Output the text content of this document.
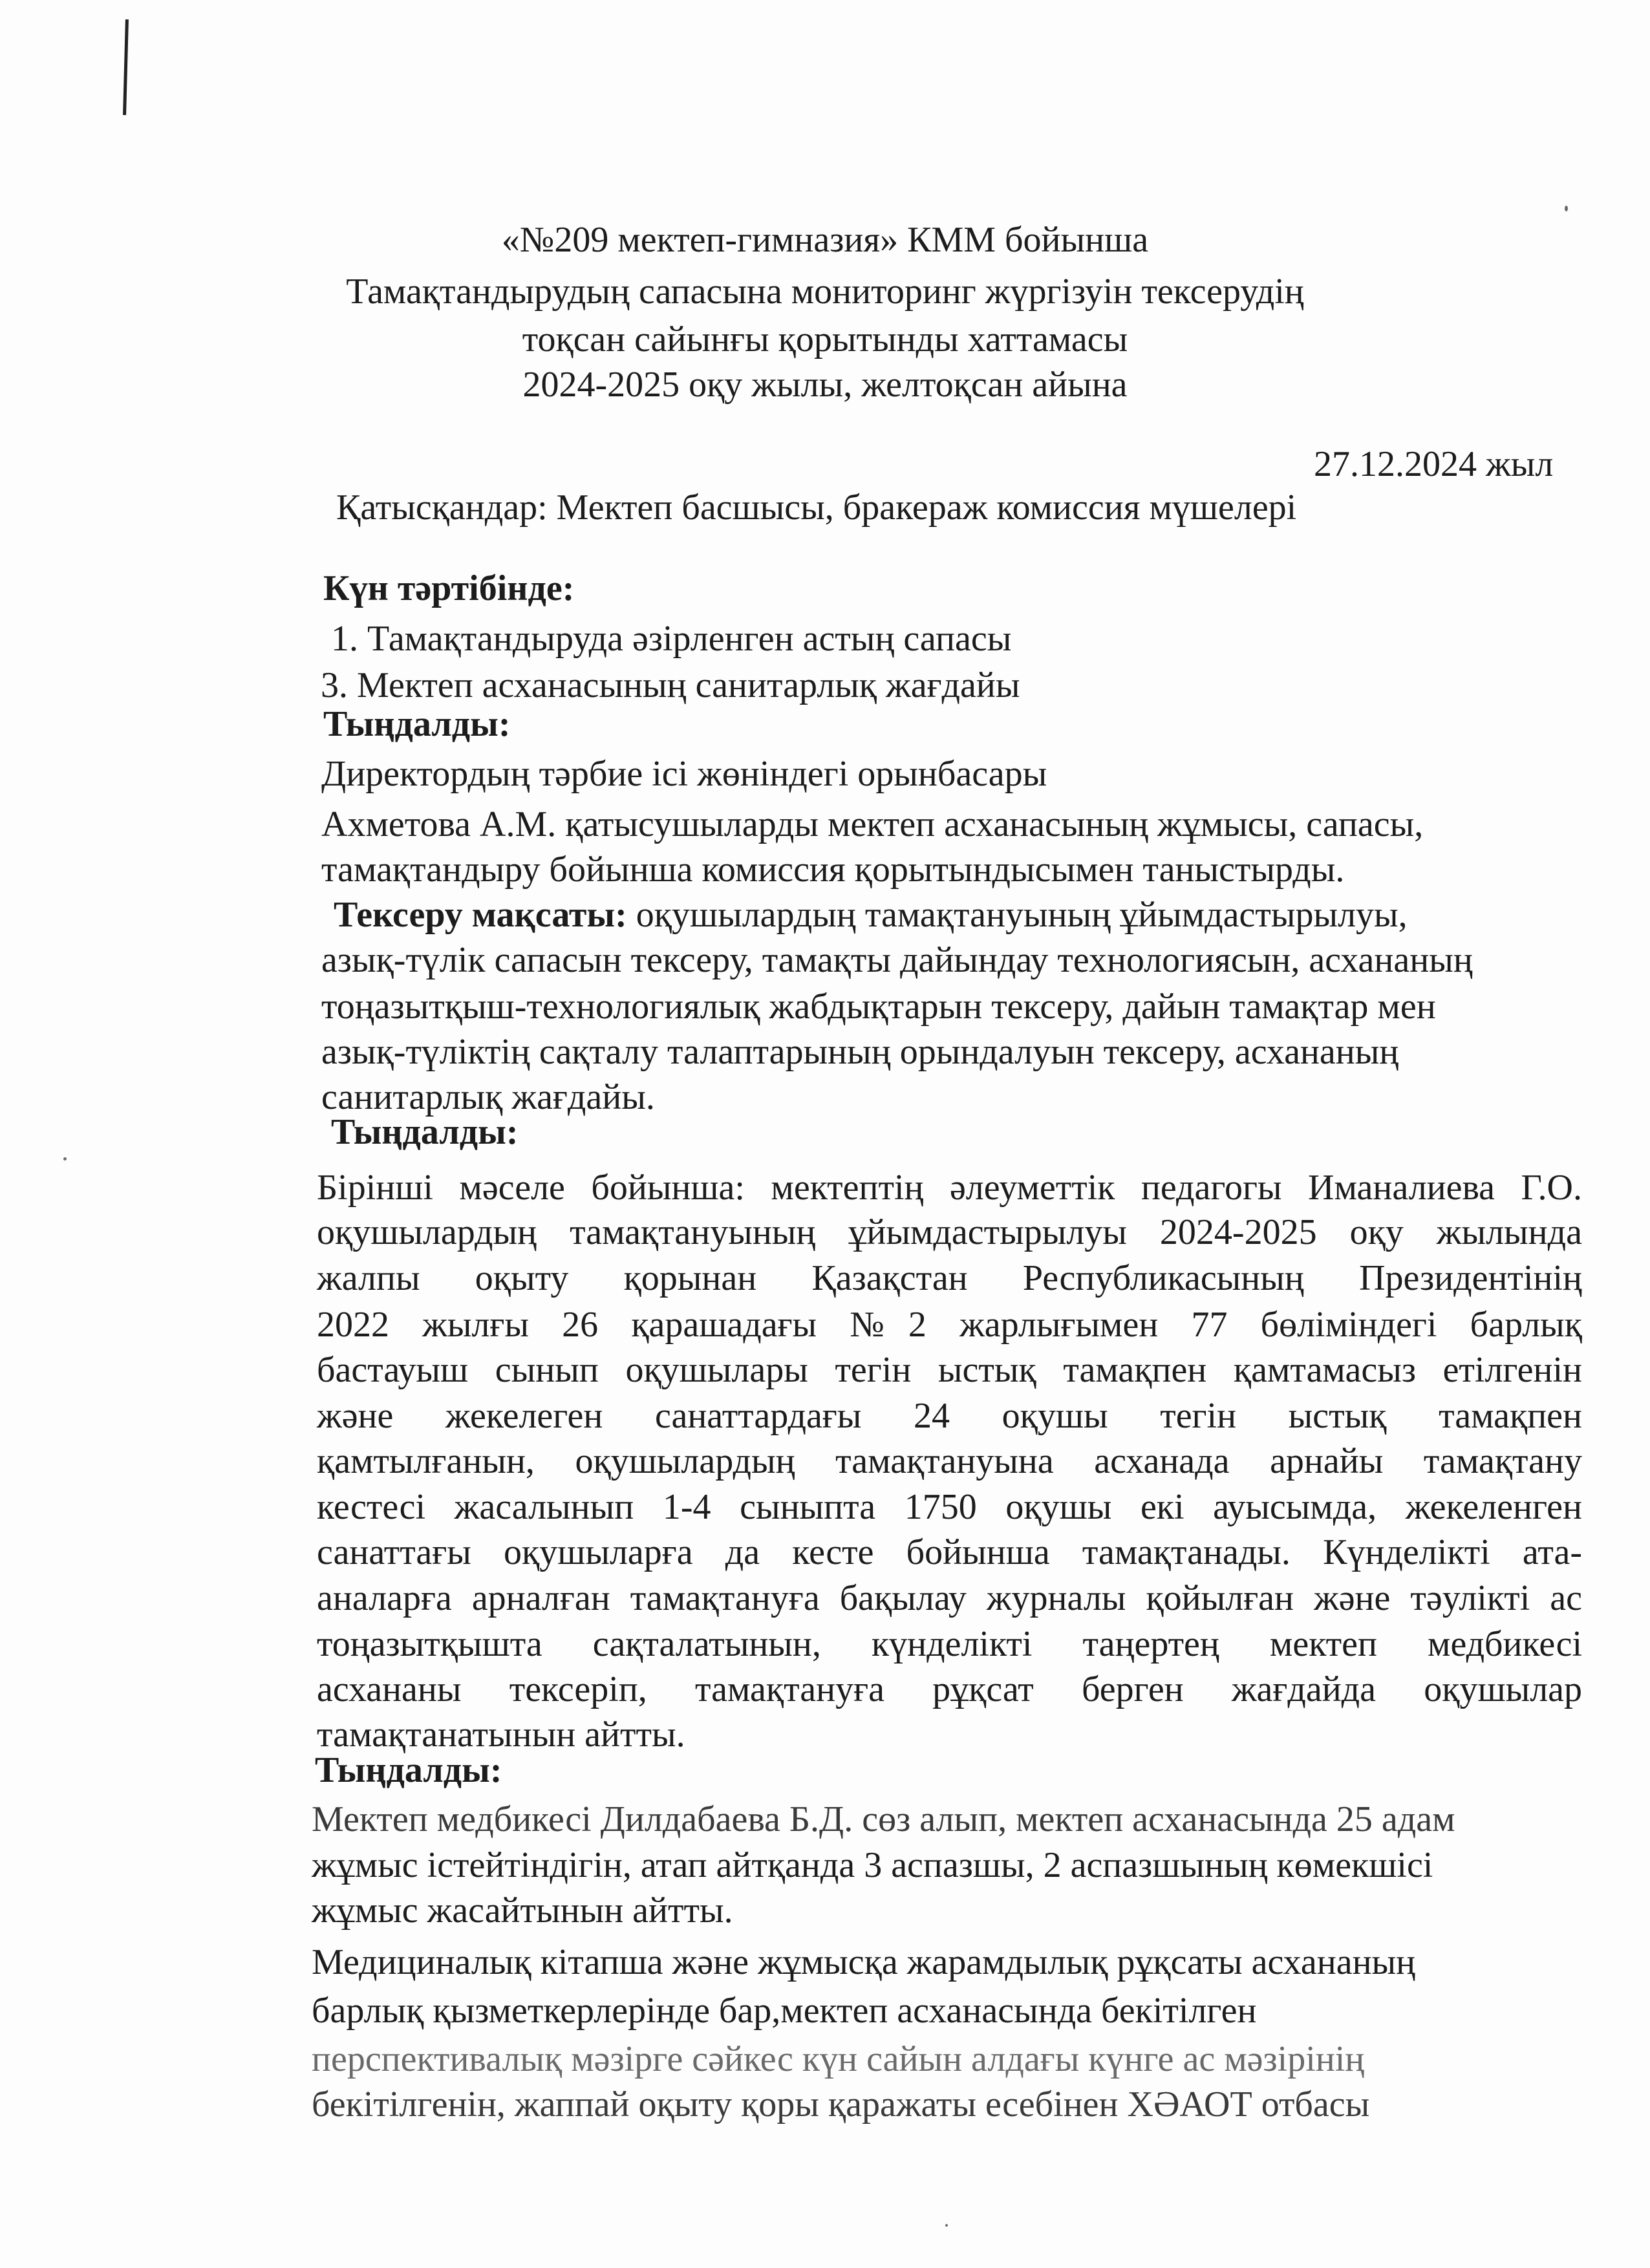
«№209 мектеп-гимназия» КММ бойынша
Тамақтандырудың сапасына мониторинг жүргізуін тексерудің
тоқсан сайынғы қорытынды хаттамасы
2024-2025 оқу жылы, желтоқсан айына
27.12.2024 жыл
Қатысқандар: Мектеп басшысы, бракераж комиссия мүшелері
Күн тәртібінде:
1. Тамақтандыруда әзірленген астың сапасы
3. Мектеп асханасының санитарлық жағдайы
Тыңдалды:
Директордың тәрбие ісі жөніндегі орынбасары
Ахметова А.М. қатысушыларды мектеп асханасының жұмысы, сапасы,
тамақтандыру бойынша комиссия қорытындысымен таныстырды.
Тексеру мақсаты: оқушылардың тамақтануының ұйымдастырылуы,
азық-түлік сапасын тексеру, тамақты дайындау технологиясын, асхананың
тоңазытқыш-технологиялық жабдықтарын тексеру, дайын тамақтар мен
азық-түліктің сақталу талаптарының орындалуын тексеру, асхананың
санитарлық жағдайы.
Тыңдалды:
Бірінші мәселе бойынша: мектептің әлеуметтік педагогы Иманалиева Г.О.
оқушылардың тамақтануының ұйымдастырылуы 2024-2025 оқу жылында
жалпы оқыту қорынан Қазақстан Республикасының Президентінің
2022 жылғы 26 қарашадағы №2 жарлығымен 77 бөліміндегі барлық
бастауыш сынып оқушылары тегін ыстық тамақпен қамтамасыз етілгенін
және жекелеген санаттардағы 24 оқушы тегін ыстық тамақпен
қамтылғанын, оқушылардың тамақтануына асханада арнайы тамақтану
кестесі жасалынып 1-4 сыныпта 1750 оқушы екі ауысымда, жекеленген
санаттағы оқушыларға да кесте бойынша тамақтанады. Күнделікті ата-
аналарға арналған тамақтануға бақылау журналы қойылған және тәулікті ас
тоңазытқышта сақталатынын, күнделікті таңертең мектеп медбикесі
асхананы тексеріп, тамақтануға рұқсат берген жағдайда оқушылар
тамақтанатынын айтты.
Тыңдалды:
Мектеп медбикесі Дилдабаева Б.Д. сөз алып, мектеп асханасында 25 адам
жұмыс істейтіндігін, атап айтқанда 3 аспазшы, 2 аспазшының көмекшісі
жұмыс жасайтынын айтты.
Медициналық кітапша және жұмысқа жарамдылық рұқсаты асхананың
барлық қызметкерлерінде бар,мектеп асханасында бекітілген
перспективалық мәзірге сәйкес күн сайын алдағы күнге ас мәзірінің
бекітілгенін, жаппай оқыту қоры қаражаты есебінен ХӘАОТ отбасы
